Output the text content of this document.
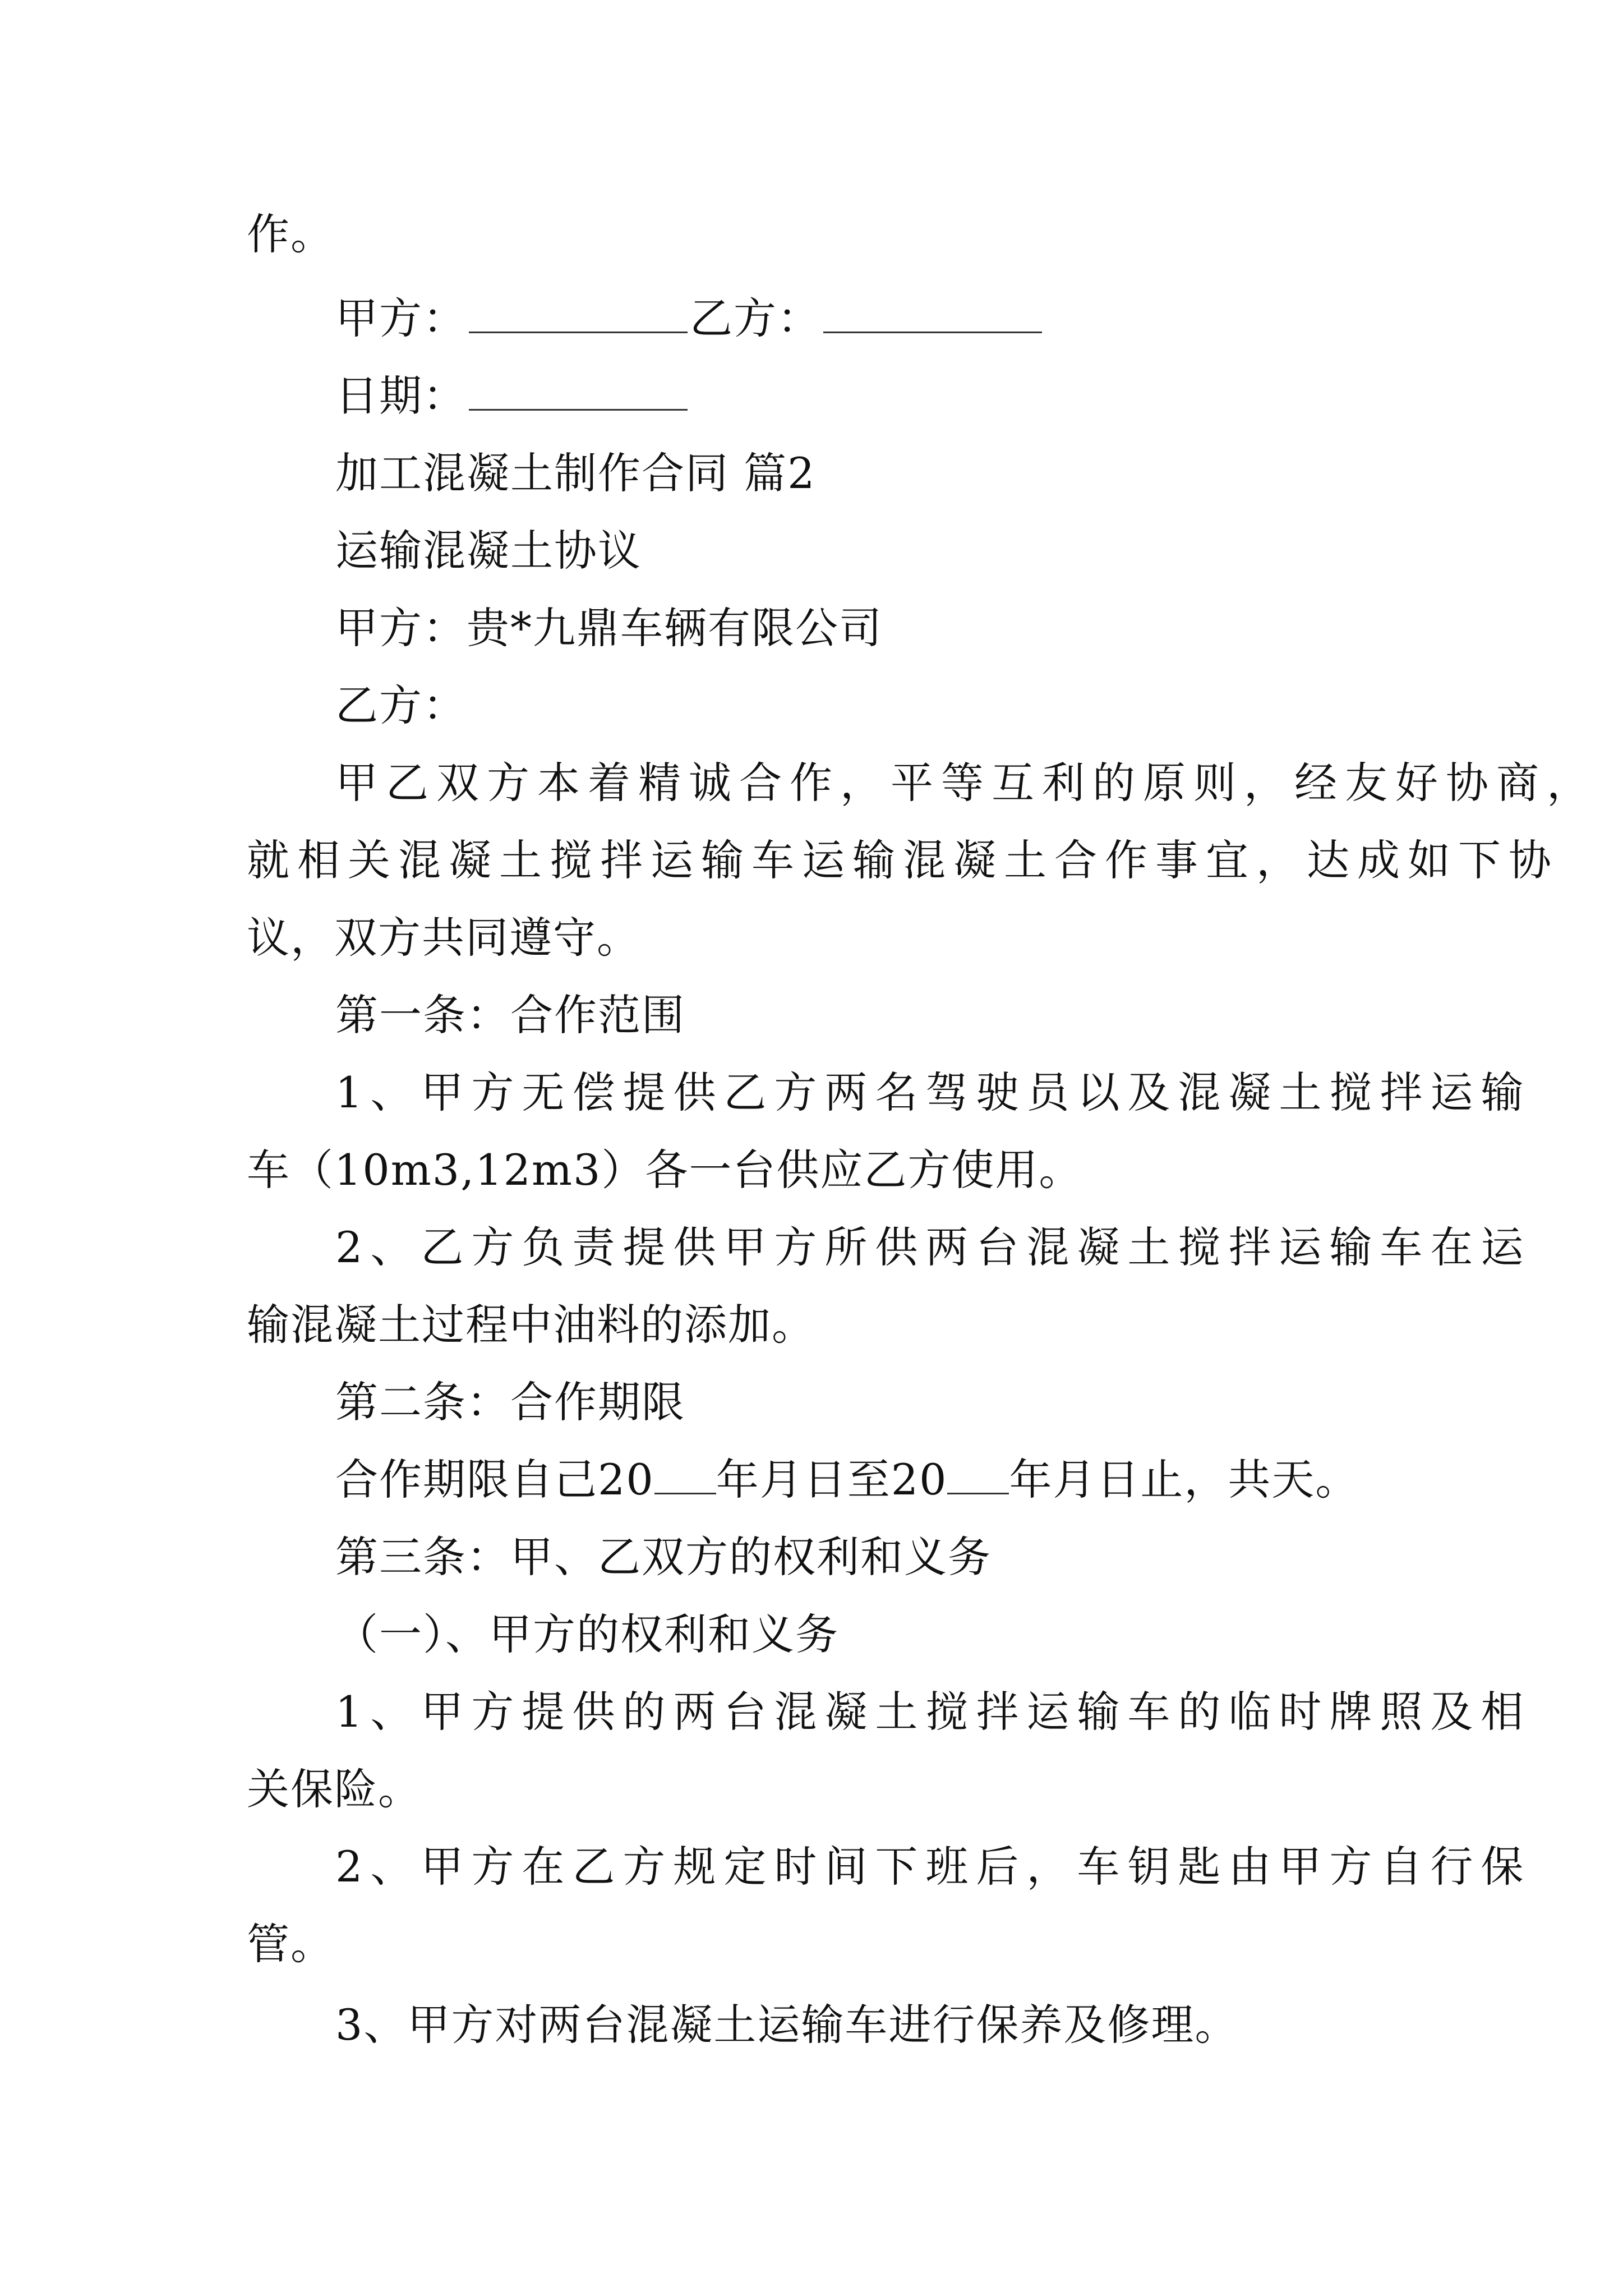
作。
甲方：	乙方：
日期：
加工混凝土制作合同 篇2
运输混凝土协议
甲方：贵*九鼎车辆有限公司
乙方：
甲乙双方本着精诚合作，平等互利的原则，经友好协商，
就相关混凝土搅拌运输车运输混凝土合作事宜，达成如下协
议，双方共同遵守。
第一条：合作范围
1、甲方无偿提供乙方两名驾驶员以及混凝土搅拌运输
车（10m3,12m3）各一台供应乙方使用。
2、乙方负责提供甲方所供两台混凝土搅拌运输车在运
输混凝土过程中油料的添加。
第二条：合作期限
合作期限自己20 年月日至20 年月日止，共天。
第三条：甲、乙双方的权利和义务
（一）、甲方的权利和义务
1、甲方提供的两台混凝土搅拌运输车的临时牌照及相
关保险。
2、甲方在乙方规定时间下班后，车钥匙由甲方自行保
管。
3、甲方对两台混凝土运输车进行保养及修理。
